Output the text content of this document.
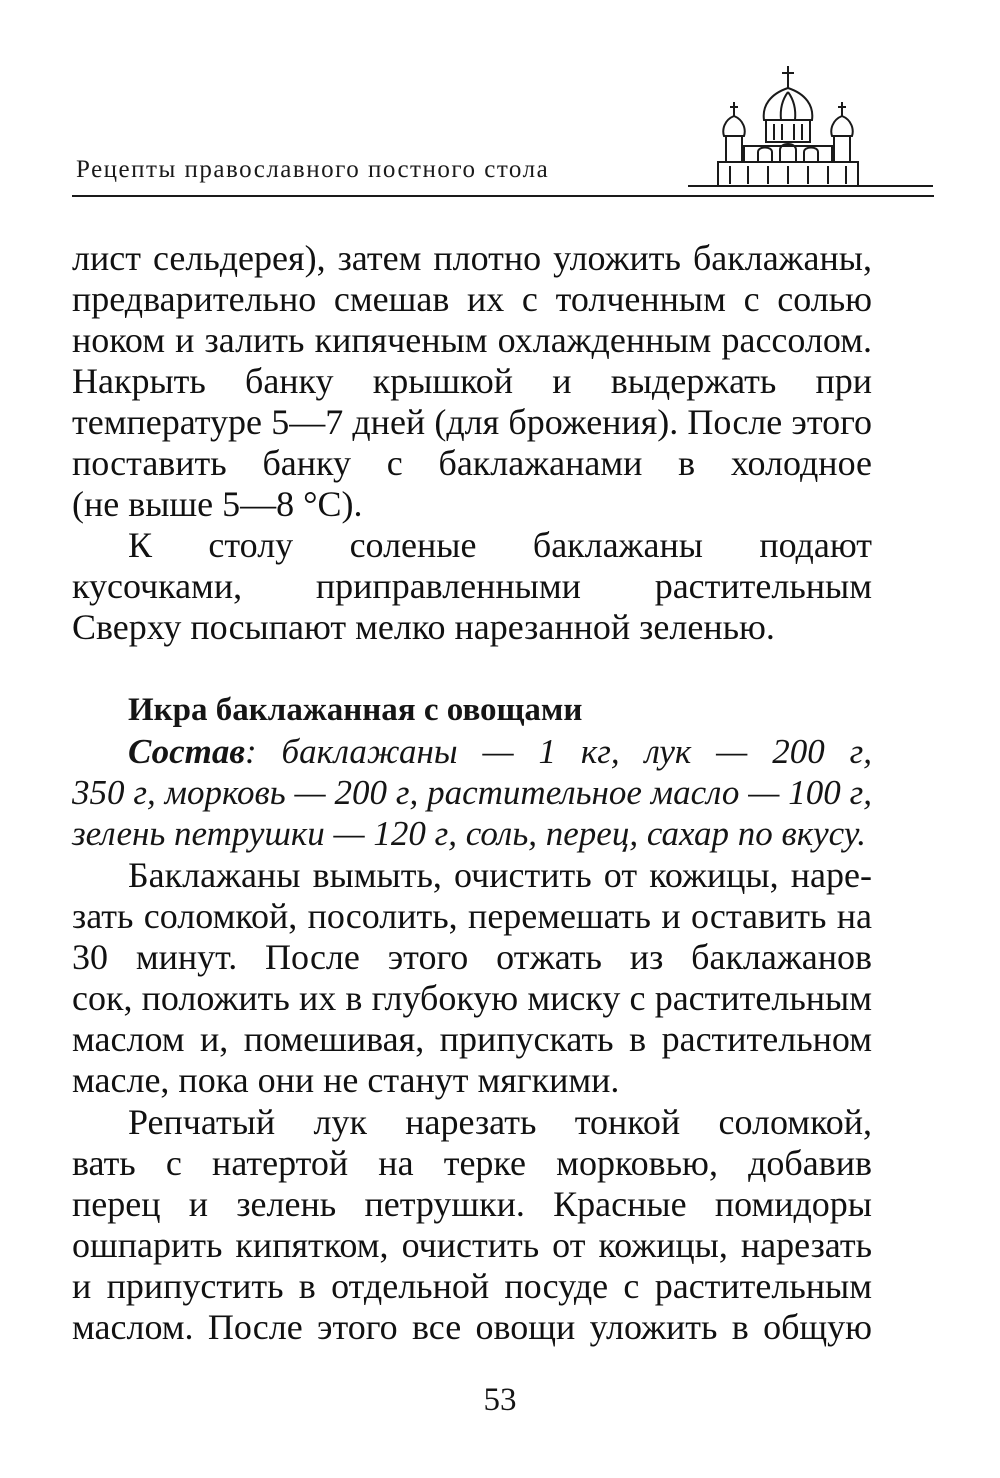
Рецепты православного постного стола
лист сельдерея), затем плотно уложить баклажаны,
предварительно смешав их с толченным с солью
ноком и залить кипяченым охлажденным рассолом.
Накрыть банку крышкой и выдержать при
температуре 5—7 дней (для брожения). После этого
поставить банку с баклажанами в холодное
(не выше 5—8 °С).
К столу соленые баклажаны подают
кусочками, приправленными растительным
Сверху посыпают мелко нарезанной зеленью.
Икра баклажанная с овощами
Состав: баклажаны — 1 кг, лук — 200 г,
350 г, морковь — 200 г, растительное масло — 100 г,
зелень петрушки — 120 г, соль, перец, сахар по вкусу.
Баклажаны вымыть, очистить от кожицы, наре-
зать соломкой, посолить, перемешать и оставить на
30 минут. После этого отжать из баклажанов
сок, положить их в глубокую миску с растительным
маслом и, помешивая, припускать в растительном
масле, пока они не станут мягкими.
Репчатый лук нарезать тонкой соломкой,
вать с натертой на терке морковью, добавив
перец и зелень петрушки. Красные помидоры
ошпарить кипятком, очистить от кожицы, нарезать
и припустить в отдельной посуде с растительным
маслом. После этого все овощи уложить в общую
53
